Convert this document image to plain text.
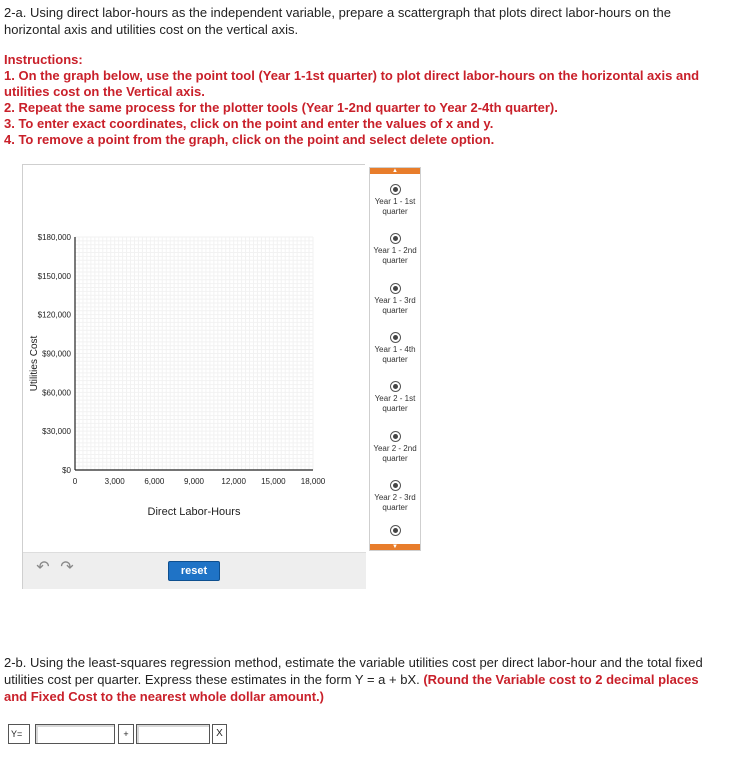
2-a. Using direct labor-hours as the independent variable, prepare a scattergraph that plots direct labor-hours on the horizontal axis and utilities cost on the vertical axis.
Instructions:
1. On the graph below, use the point tool (Year 1-1st quarter) to plot direct labor-hours on the horizontal axis and utilities cost on the Vertical axis.
2. Repeat the same process for the plotter tools (Year 1-2nd quarter to Year 2-4th quarter).
3. To enter exact coordinates, click on the point and enter the values of x and y.
4. To remove a point from the graph, click on the point and select delete option.
$0
$30,000
$60,000
$90,000
$120,000
$150,000
$180,000
0	3,000 6,000 9,000 12,000 15,000 18,000
Direct Labor-Hours
Utilities Cost
↶ ↷	reset
▲
Year 1 - 1st quarter
Year 1 - 2nd quarter
Year 1 - 3rd quarter
Year 1 - 4th quarter
Year 2 - 1st quarter
Year 2 - 2nd quarter
Year 2 - 3rd quarter
▼
2-b. Using the least-squares regression method, estimate the variable utilities cost per direct labor-hour and the total fixed utilities cost per quarter. Express these estimates in the form Y = a + bX. (Round the Variable cost to 2 decimal places and Fixed Cost to the nearest whole dollar amount.)
Y=	+	X
